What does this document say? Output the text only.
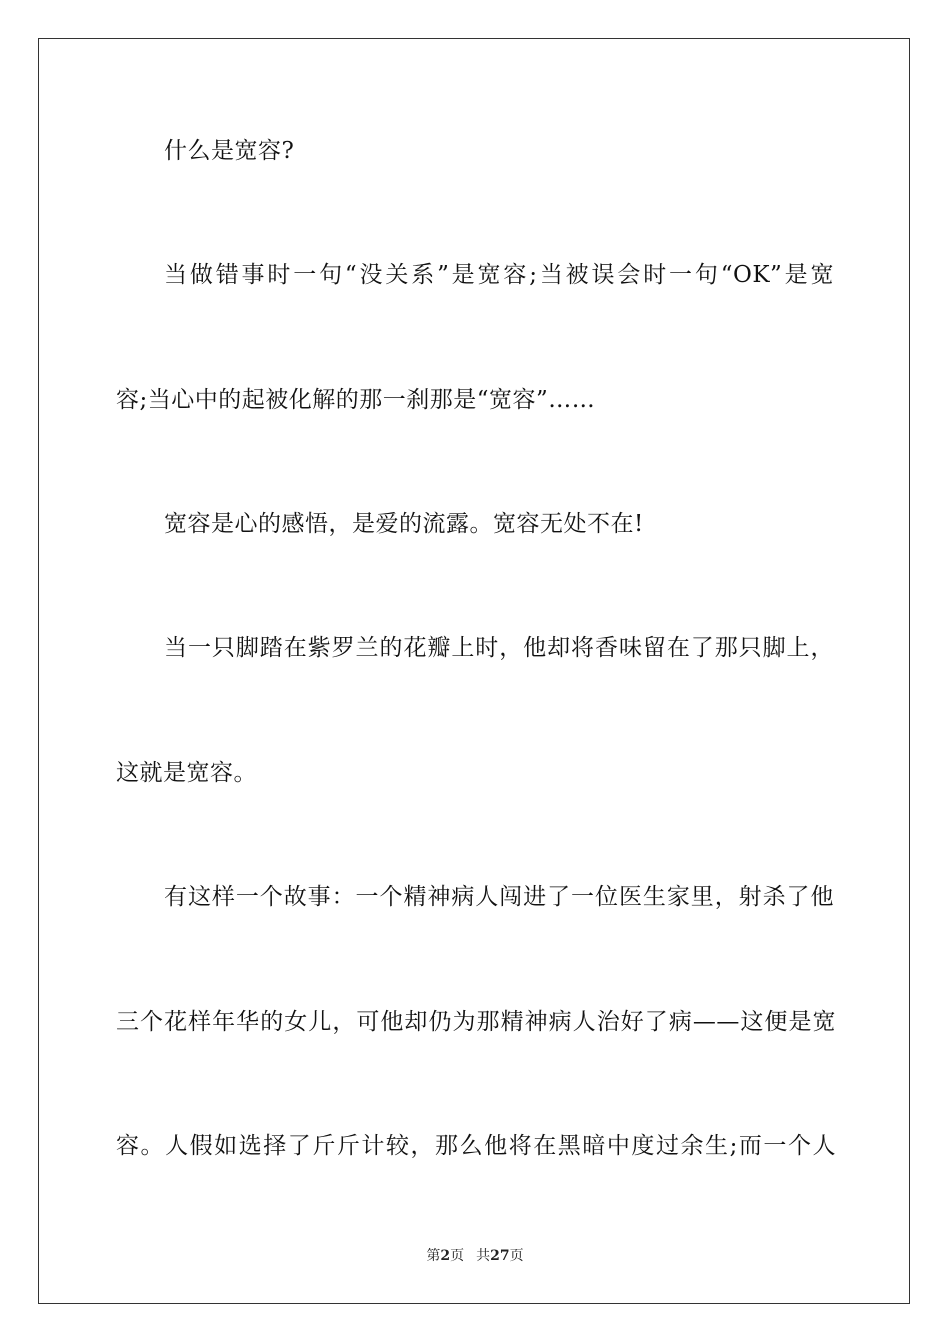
什么是宽容?
当做错事时一句“没关系”是宽容;当被误会时一句“OK”是宽
容;当心中的起被化解的那一刹那是“宽容”……
宽容是心的感悟，是爱的流露。宽容无处不在!
当一只脚踏在紫罗兰的花瓣上时，他却将香味留在了那只脚上，
这就是宽容。
有这样一个故事：一个精神病人闯进了一位医生家里，射杀了他
三个花样年华的女儿，可他却仍为那精神病人治好了病——这便是宽
容。人假如选择了斤斤计较，那么他将在黑暗中度过余生;而一个人
第2页 共27页
